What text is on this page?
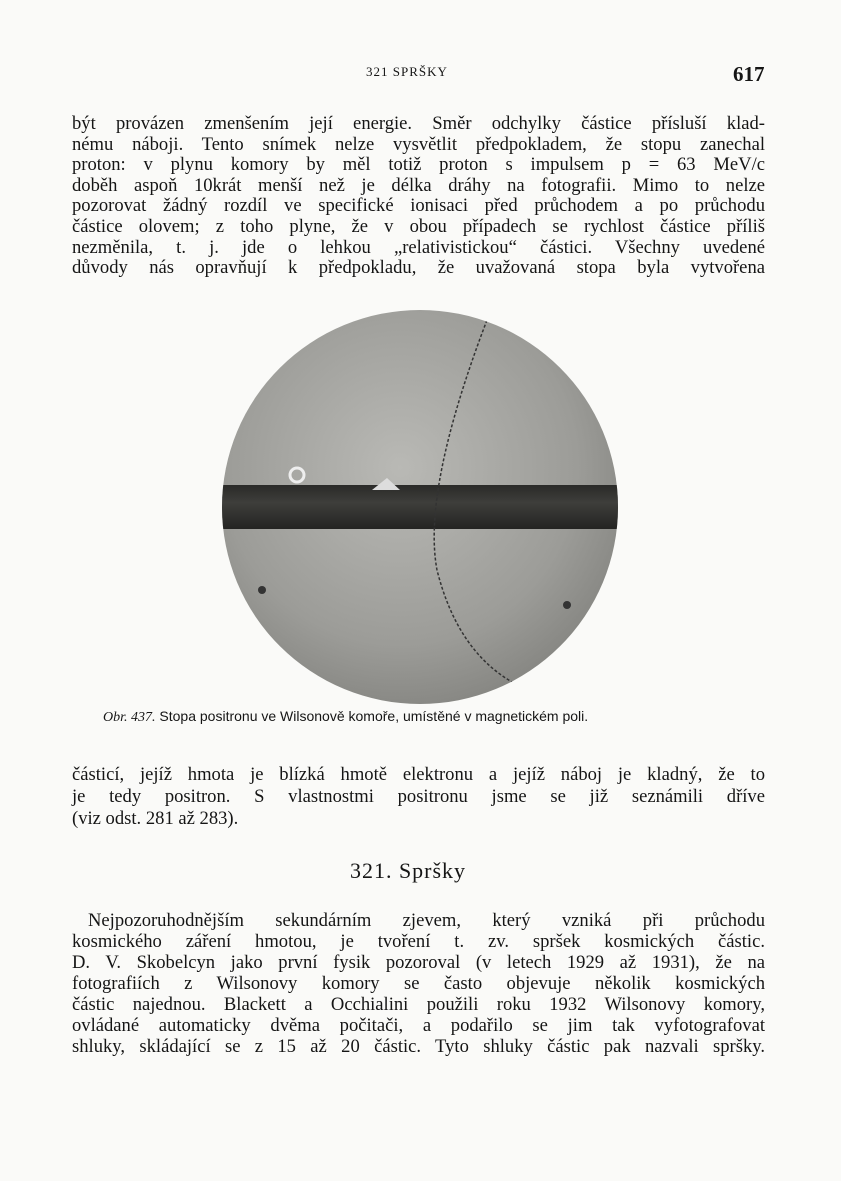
321 SPRŠKY	617
být provázen zmenšením její energie. Směr odchylky částice přísluší klad-
nému náboji. Tento snímek nelze vysvětlit předpokladem, že stopu zanechal
proton: v plynu komory by měl totiž proton s impulsem p = 63 MeV/c
doběh aspoň 10krát menší než je délka dráhy na fotografii. Mimo to nelze
pozorovat žádný rozdíl ve specifické ionisaci před průchodem a po průchodu
částice olovem; z toho plyne, že v obou případech se rychlost částice příliš
nezměnila, t. j. jde o lehkou „relativistickou“ částici. Všechny uvedené
důvody nás opravňují k předpokladu, že uvažovaná stopa byla vytvořena
Obr. 437. Stopa positronu ve Wilsonově komoře, umístěné v magnetickém poli.
částicí, jejíž hmota je blízká hmotě elektronu a jejíž náboj je kladný, že to
je tedy positron. S vlastnostmi positronu jsme se již seznámili dříve
(viz odst. 281 až 283).
321. Spršky
Nejpozoruhodnějším sekundárním zjevem, který vzniká při průchodu
kosmického záření hmotou, je tvoření t. zv. spršek kosmických částic.
D. V. Skobelcyn jako první fysik pozoroval (v letech 1929 až 1931), že na
fotografiích z Wilsonovy komory se často objevuje několik kosmických
částic najednou. Blackett a Occhialini použili roku 1932 Wilsonovy komory,
ovládané automaticky dvěma počitači, a podařilo se jim tak vyfotografovat
shluky, skládající se z 15 až 20 částic. Tyto shluky částic pak nazvali spršky.
